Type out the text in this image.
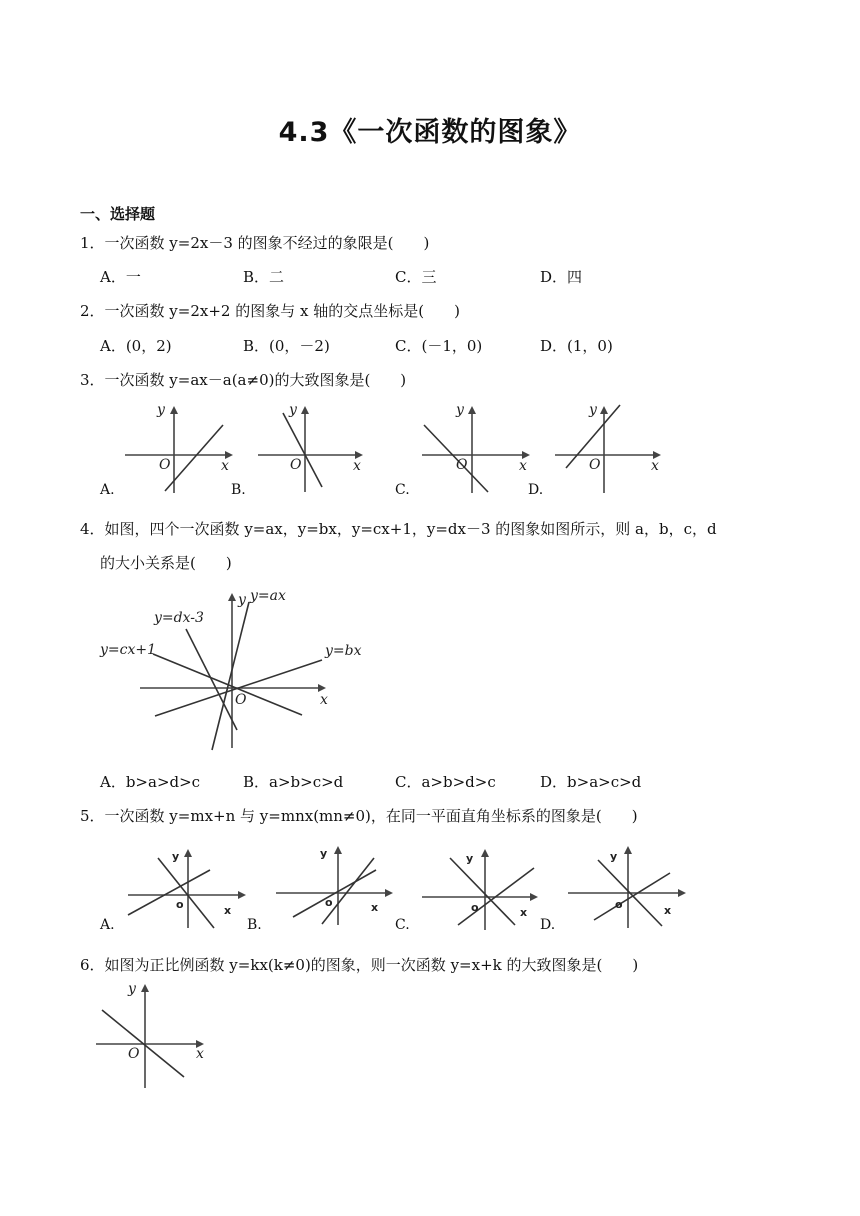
4.3《一次函数的图象》
一、选择题
1．一次函数 y=2x－3 的图象不经过的象限是(　　)
A．一	B．二	C．三	D．四
2．一次函数 y=2x+2 的图象与 x 轴的交点坐标是(　　)
A．(0，2)	B．(0，－2)	C．(－1，0)	D．(1，0)
3．一次函数 y=ax－a(a≠0)的大致图象是(　　)
y
O	x
y
O	x
y
O	x
y
O	x
A.	B.	C.	D.
4．如图，四个一次函数 y=ax，y=bx，y=cx+1，y=dx－3 的图象如图所示，则 a，b，c，d
的大小关系是(　　)
y y=ax
y=dx-3
y=cx+1	y=bx
O	x
A．b>a>d>c	B．a>b>c>d	C．a>b>d>c	D．b>a>c>d
5．一次函数 y=mx+n 与 y=mnx(mn≠0)，在同一平面直角坐标系的图象是(　　)
y
o	x
y
o	x
y
o	x
y
o	x
A.	B.	C.	D.
6．如图为正比例函数 y=kx(k≠0)的图象，则一次函数 y=x+k 的大致图象是(　　)
y
O	x
